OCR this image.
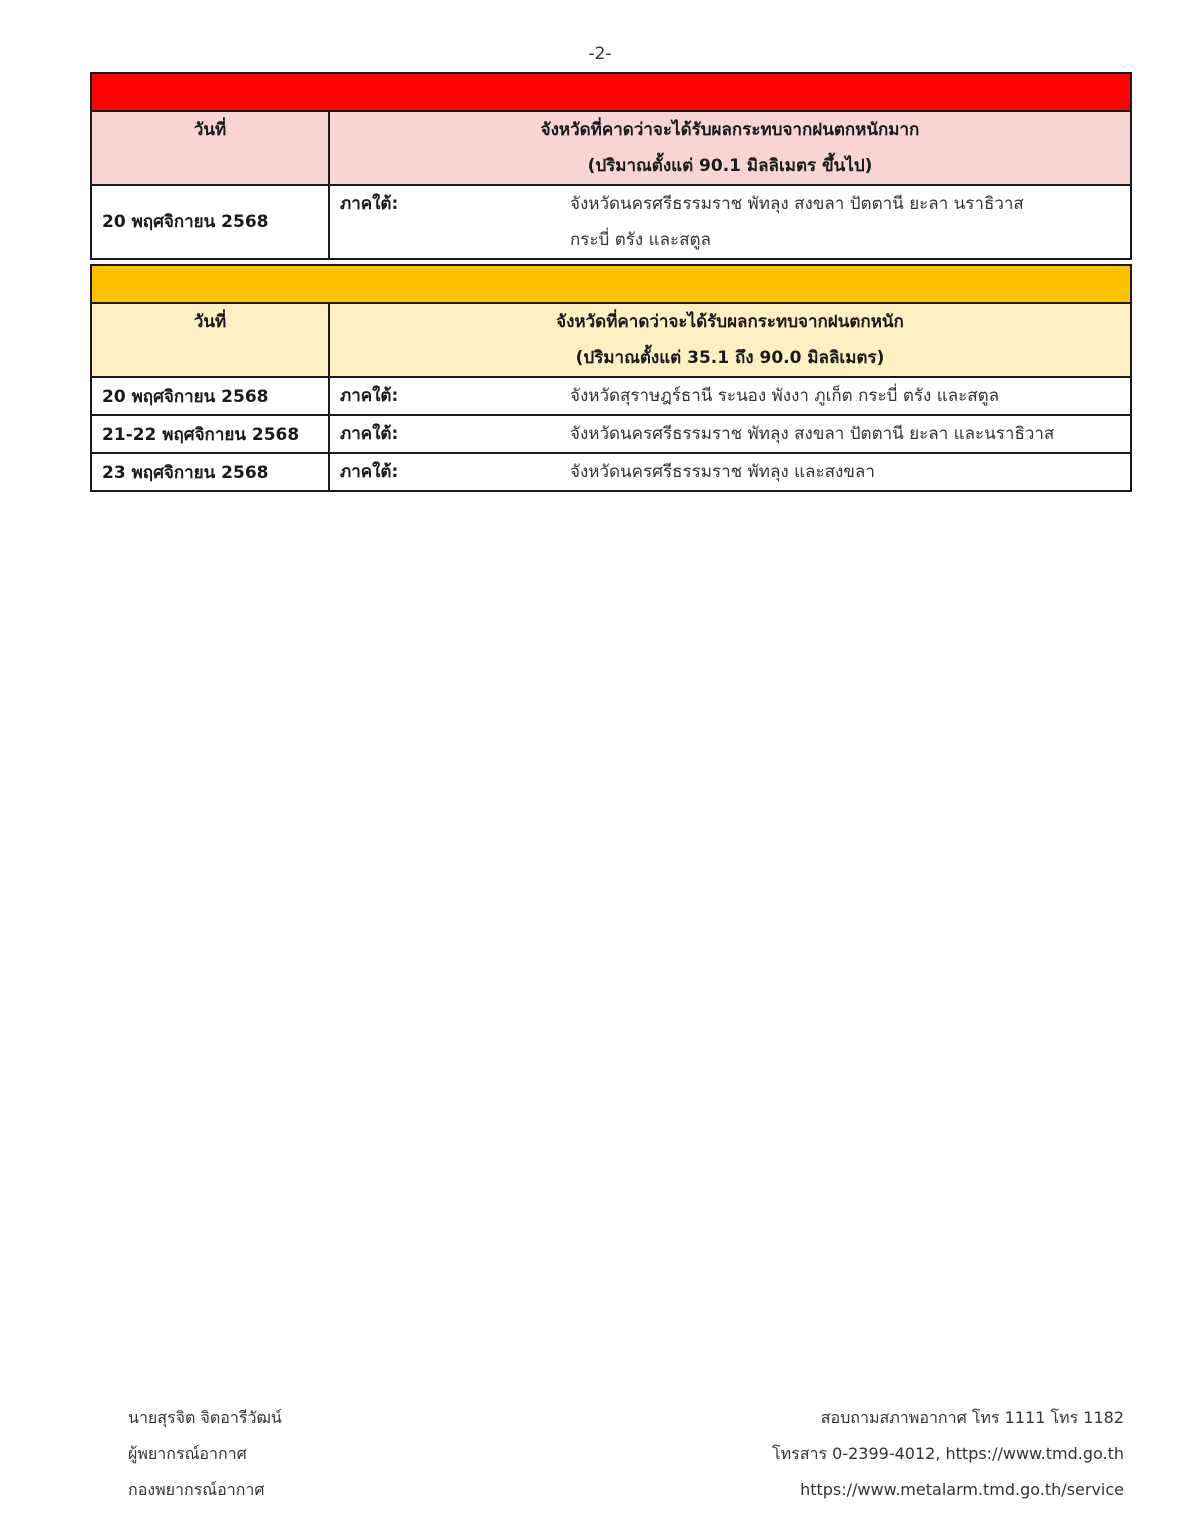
-2-

วันที่	จังหวัดที่คาดว่าจะได้รับผลกระทบจากฝนตกหนักมาก
(ปริมาณตั้งแต่ 90.1 มิลลิเมตร ขึ้นไป)

20 พฤศจิกายน 2568	ภาคใต้: จังหวัดนครศรีธรรมราช พัทลุง สงขลา ปัตตานี ยะลา นราธิวาส
กระบี่ ตรัง และสตูล

วันที่	จังหวัดที่คาดว่าจะได้รับผลกระทบจากฝนตกหนัก
(ปริมาณตั้งแต่ 35.1 ถึง 90.0 มิลลิเมตร)

20 พฤศจิกายน 2568	ภาคใต้: จังหวัดสุราษฎร์ธานี ระนอง พังงา ภูเก็ต กระบี่ ตรัง และสตูล

21-22 พฤศจิกายน 2568	ภาคใต้: จังหวัดนครศรีธรรมราช พัทลุง สงขลา ปัตตานี ยะลา และนราธิวาส

23 พฤศจิกายน 2568	ภาคใต้: จังหวัดนครศรีธรรมราช พัทลุง และสงขลา
นายสุรจิต จิตอารีวัฒน์
ผู้พยากรณ์อากาศ
กองพยากรณ์อากาศ
สอบถามสภาพอากาศ โทร 1111 โทร 1182
โทรสาร 0-2399-4012, https://www.tmd.go.th
https://www.metalarm.tmd.go.th/service
